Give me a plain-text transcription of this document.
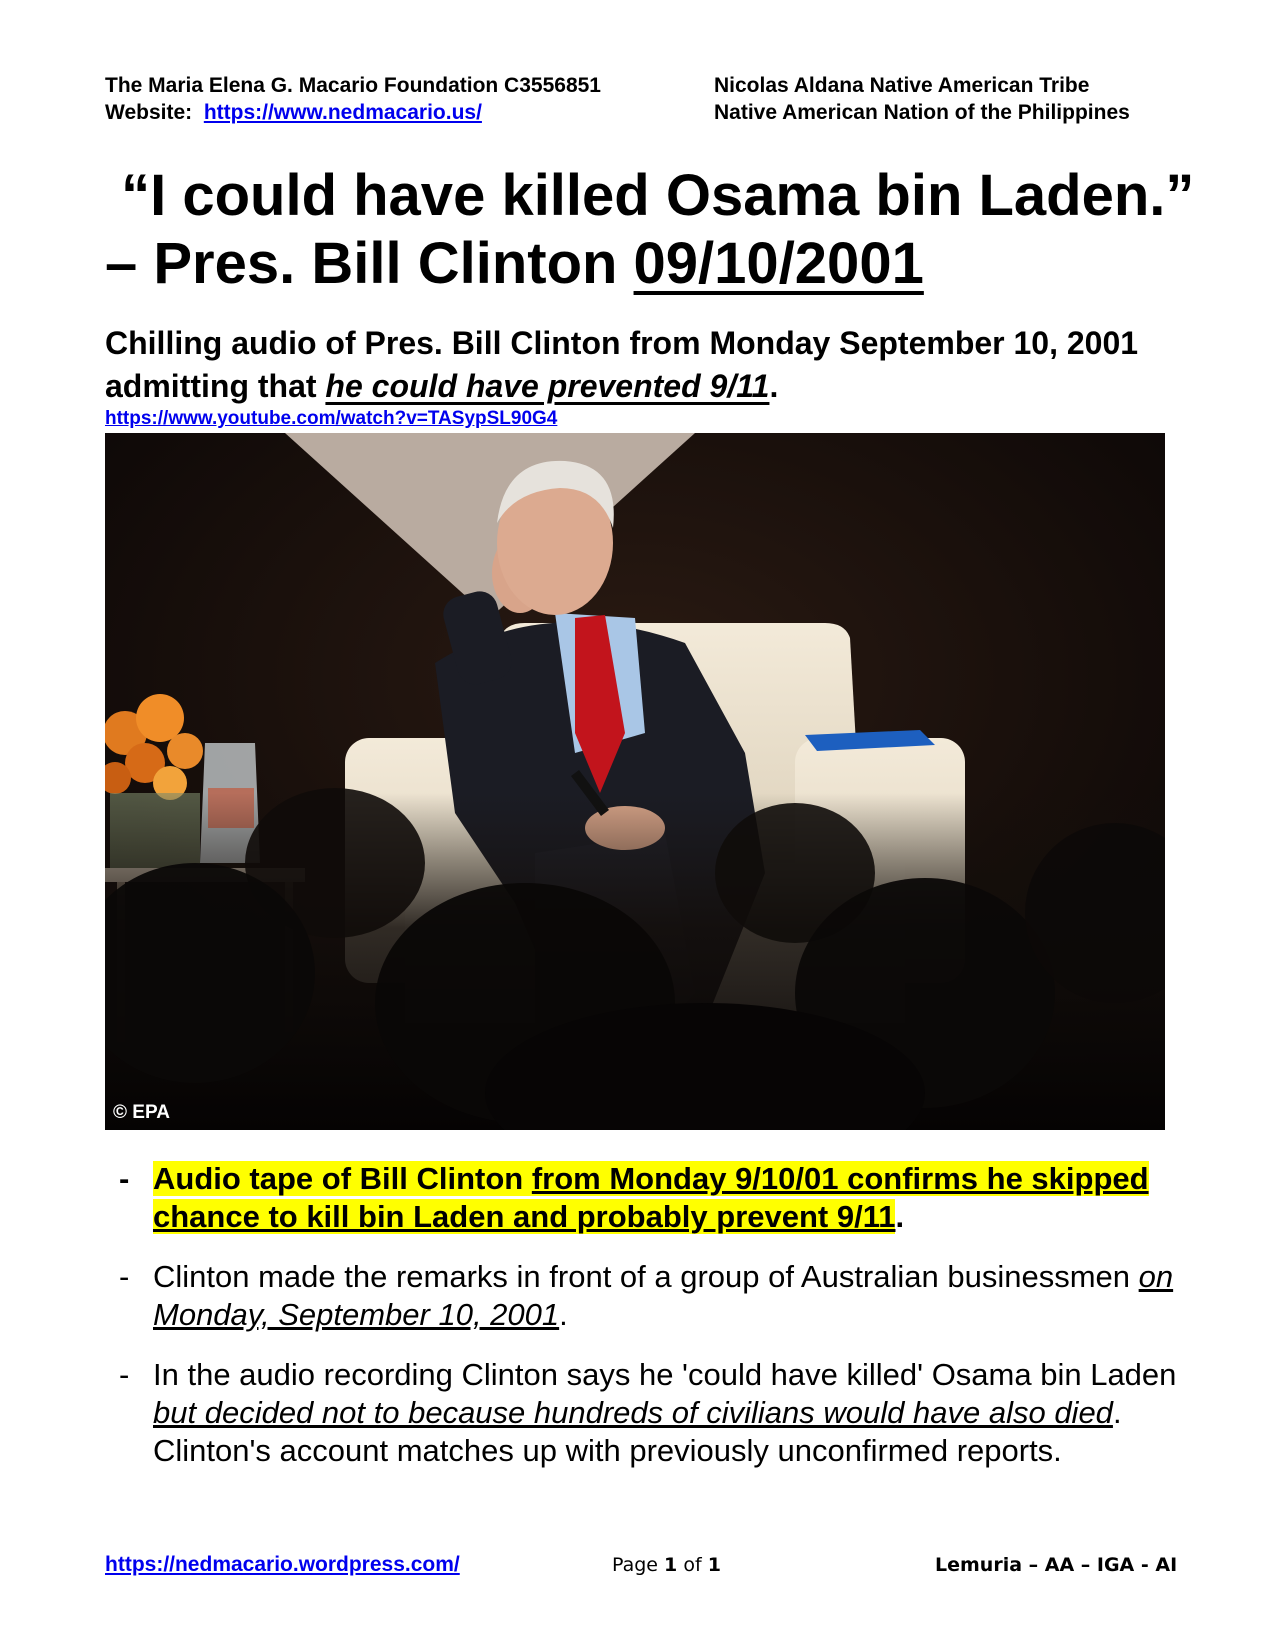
The Maria Elena G. Macario Foundation C3556851
Website: https://www.nedmacario.us/
Nicolas Aldana Native American Tribe
Native American Nation of the Philippines
“I could have killed Osama bin Laden.” – Pres. Bill Clinton 09/10/2001

Chilling audio of Pres. Bill Clinton from Monday September 10, 2001 admitting that he could have prevented 9/11.

https://www.youtube.com/watch?v=TASypSL90G4
© EPA
- Audio tape of Bill Clinton from Monday 9/10/01 confirms he skipped chance to kill bin Laden and probably prevent 9/11.
- Clinton made the remarks in front of a group of Australian businessmen on Monday, September 10, 2001.
- In the audio recording Clinton says he 'could have killed' Osama bin Laden but decided not to because hundreds of civilians would have also died. Clinton's account matches up with previously unconfirmed reports.
https://nedmacario.wordpress.com/	Page 1 of 1	Lemuria – AA – IGA - AI
